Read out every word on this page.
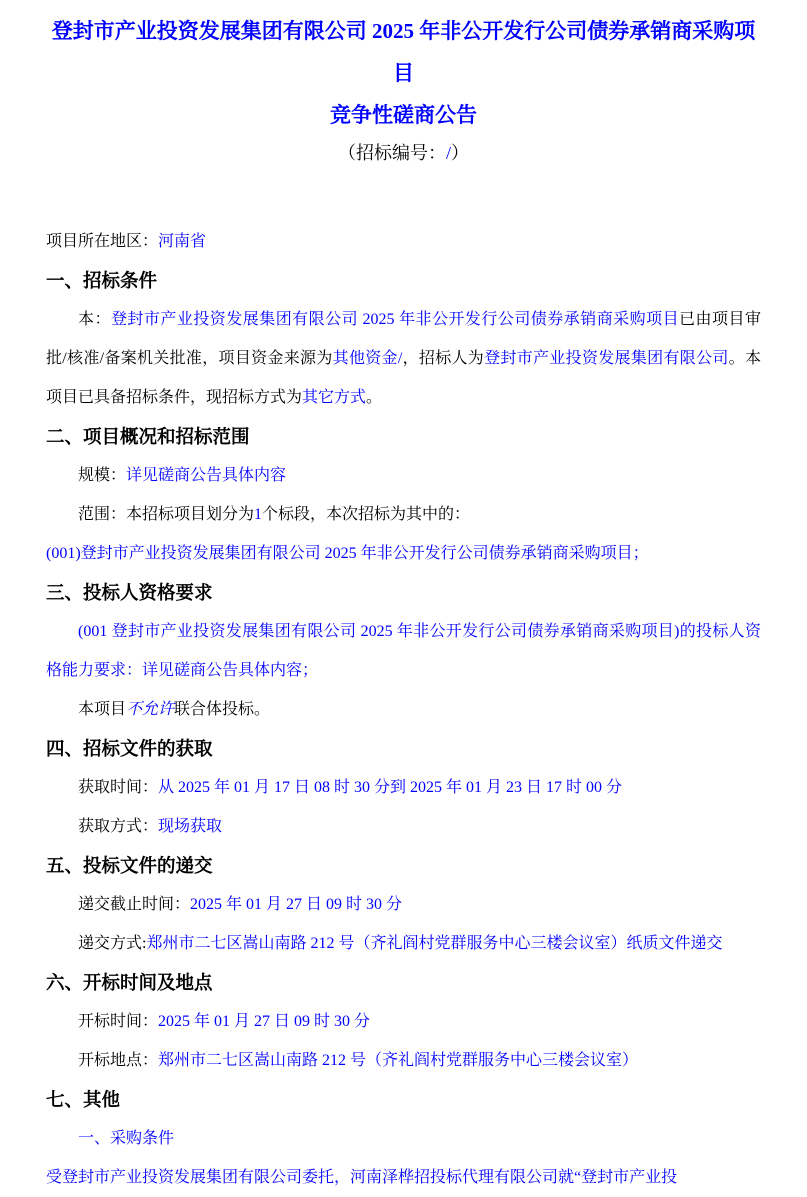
登封市产业投资发展集团有限公司 2025 年非公开发行公司债券承销商采购项目
竞争性磋商公告

（招标编号：/）

项目所在地区：河南省

一、招标条件

本：登封市产业投资发展集团有限公司 2025 年非公开发行公司债券承销商采购项目已由项目审批/核准/备案机关批准，项目资金来源为其他资金/，招标人为登封市产业投资发展集团有限公司。本项目已具备招标条件，现招标方式为其它方式。

二、项目概况和招标范围

规模：详见磋商公告具体内容

范围：本招标项目划分为1个标段，本次招标为其中的：

(001)登封市产业投资发展集团有限公司 2025 年非公开发行公司债券承销商采购项目；

三、投标人资格要求

(001 登封市产业投资发展集团有限公司 2025 年非公开发行公司债券承销商采购项目)的投标人资格能力要求：详见磋商公告具体内容；

本项目不允许联合体投标。

四、招标文件的获取

获取时间：从 2025 年 01 月 17 日 08 时 30 分到 2025 年 01 月 23 日 17 时 00 分

获取方式：现场获取

五、投标文件的递交

递交截止时间：2025 年 01 月 27 日 09 时 30 分

递交方式:郑州市二七区嵩山南路 212 号（齐礼阎村党群服务中心三楼会议室）纸质文件递交

六、开标时间及地点

开标时间：2025 年 01 月 27 日 09 时 30 分

开标地点：郑州市二七区嵩山南路 212 号（齐礼阎村党群服务中心三楼会议室）

七、其他

一、采购条件

受登封市产业投资发展集团有限公司委托，河南泽桦招投标代理有限公司就“登封市产业投
